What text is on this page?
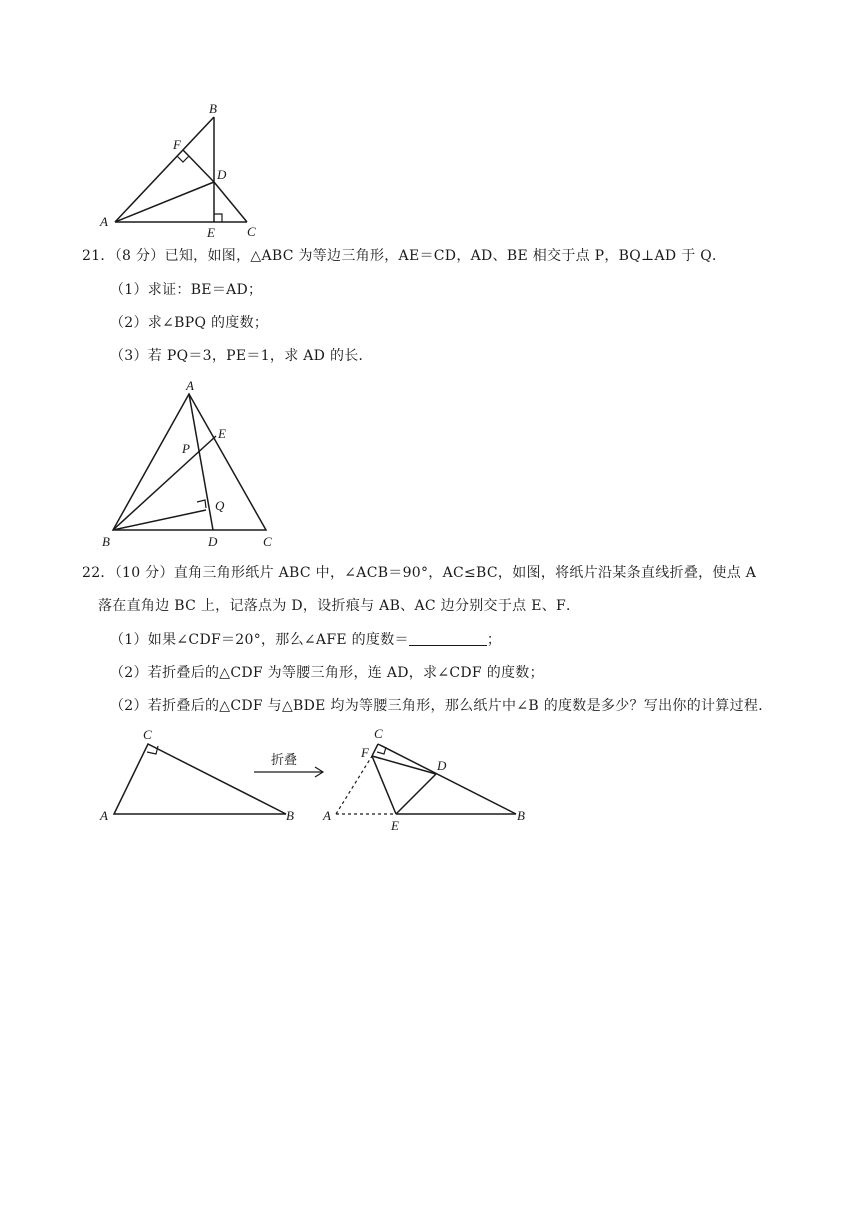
B
F
D
A
E C
21．（8 分）已知，如图，△ABC 为等边三角形，AE＝CD，AD、BE 相交于点 P，BQ⊥AD 于 Q．
（1）求证：BE＝AD；
（2）求∠BPQ 的度数；
（3）若 PQ＝3，PE＝1，求 AD 的长．
A
E
P
Q
B	D	C
22．（10 分）直角三角形纸片 ABC 中，∠ACB＝90°，AC≤BC，如图，将纸片沿某条直线折叠，使点 A
落在直角边 BC 上，记落点为 D，设折痕与 AB、AC 边分别交于点 E、F．
（1）如果∠CDF＝20°，那么∠AFE 的度数＝	；
（2）若折叠后的△CDF 为等腰三角形，连 AD，求∠CDF 的度数；
（2）若折叠后的△CDF 与△BDE 均为等腰三角形，那么纸片中∠B 的度数是多少？写出你的计算过程．
C
A	B
折叠
C
F
D
A
E
B
